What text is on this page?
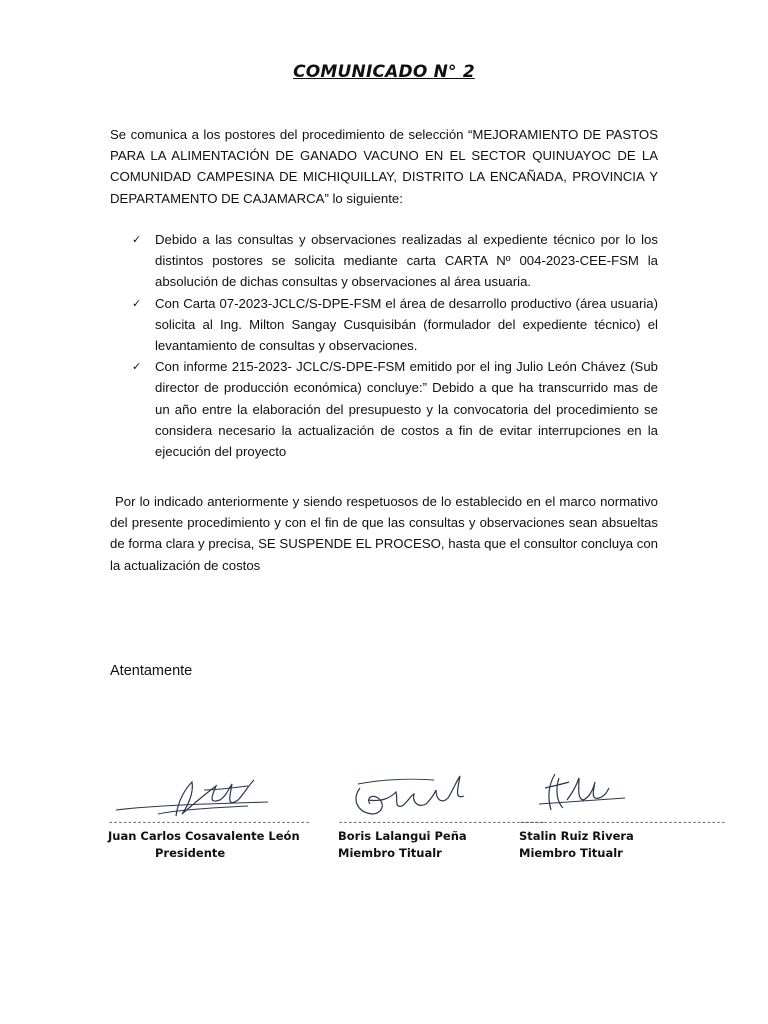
COMUNICADO N° 2

Se comunica a los postores del procedimiento de selección “MEJORAMIENTO DE PASTOS PARA LA ALIMENTACIÓN DE GANADO VACUNO EN EL SECTOR QUINUAYOC DE LA COMUNIDAD CAMPESINA DE MICHIQUILLAY, DISTRITO LA ENCAÑADA, PROVINCIA Y DEPARTAMENTO DE CAJAMARCA” lo siguiente:

✓ Debido a las consultas y observaciones realizadas al expediente técnico por lo los distintos postores se solicita mediante carta CARTA Nº 004-2023-CEE-FSM la absolución de dichas consultas y observaciones al área usuaria.
✓ Con Carta 07-2023-JCLC/S-DPE-FSM el área de desarrollo productivo (área usuaria) solicita al Ing. Milton Sangay Cusquisibán (formulador del expediente técnico) el levantamiento de consultas y observaciones.
✓ Con informe 215-2023- JCLC/S-DPE-FSM emitido por el ing Julio León Chávez (Sub director de producción económica) concluye:” Debido a que ha transcurrido mas de un año entre la elaboración del presupuesto y la convocatoria del procedimiento se considera necesario la actualización de costos a fin de evitar interrupciones en la ejecución del proyecto

Por lo indicado anteriormente y siendo respetuosos de lo establecido en el marco normativo del presente procedimiento y con el fin de que las consultas y observaciones sean absueltas de forma clara y precisa, SE SUSPENDE EL PROCESO, hasta que el consultor concluya con la actualización de costos

Atentamente

------------------------------------------
Juan Carlos Cosavalente León
Presidente
-------------------------------------------
Boris Lalangui Peña
Miembro Titualr
-------------------------------------------
Stalin Ruiz Rivera
Miembro Titualr
